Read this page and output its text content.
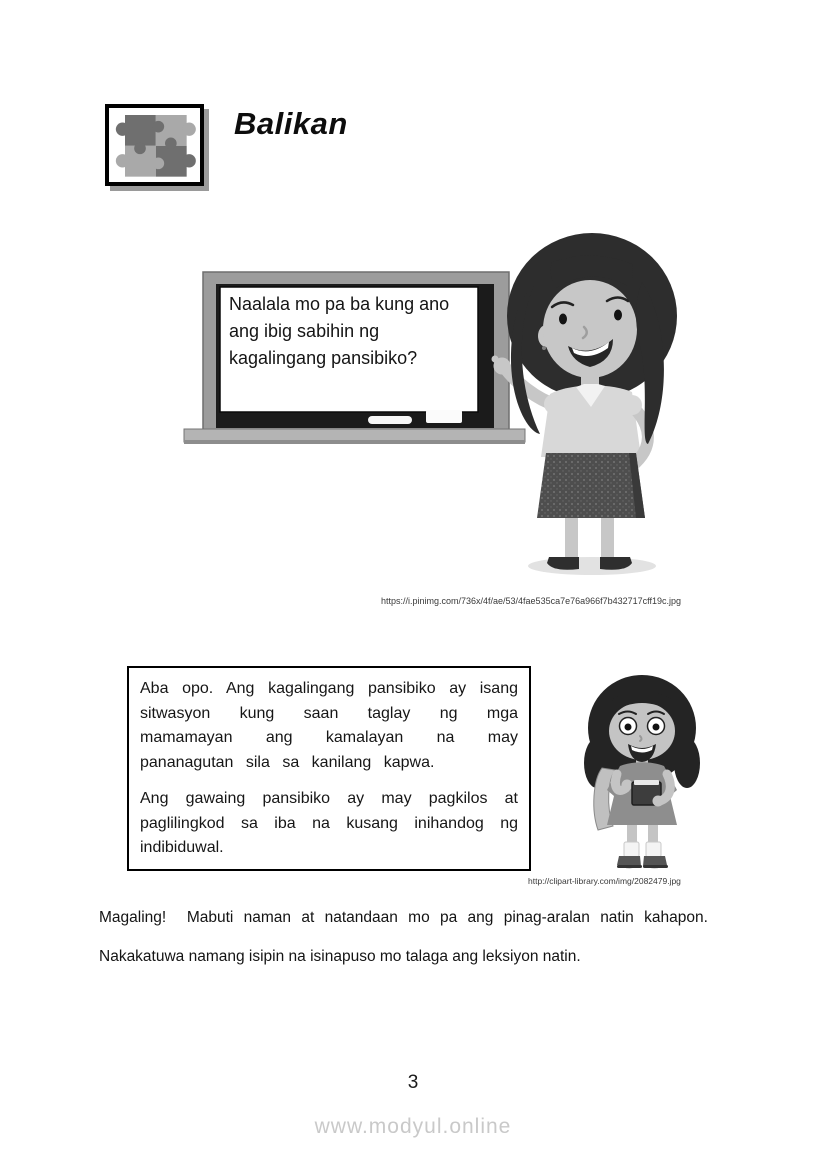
Balikan
Naalala mo pa ba kung ano ang ibig sabihin ng kagalingang pansibiko?
https://i.pinimg.com/736x/4f/ae/53/4fae535ca7e76a966f7b432717cff19c.jpg

Aba opo. Ang kagalingang pansibiko ay isang sitwasyon kung saan taglay ng mga mamamayan ang kamalayan na may pananagutan sila sa kanilang kapwa.

Ang gawaing pansibiko ay may pagkilos at paglilingkod sa iba na kusang inihandog ng indibiduwal.

http://clipart-library.com/img/2082479.jpg

Magaling!  Mabuti naman at natandaan mo pa ang pinag-aralan natin kahapon.

Nakakatuwa namang isipin na isinapuso mo talaga ang leksiyon natin.

3
www.modyul.online
